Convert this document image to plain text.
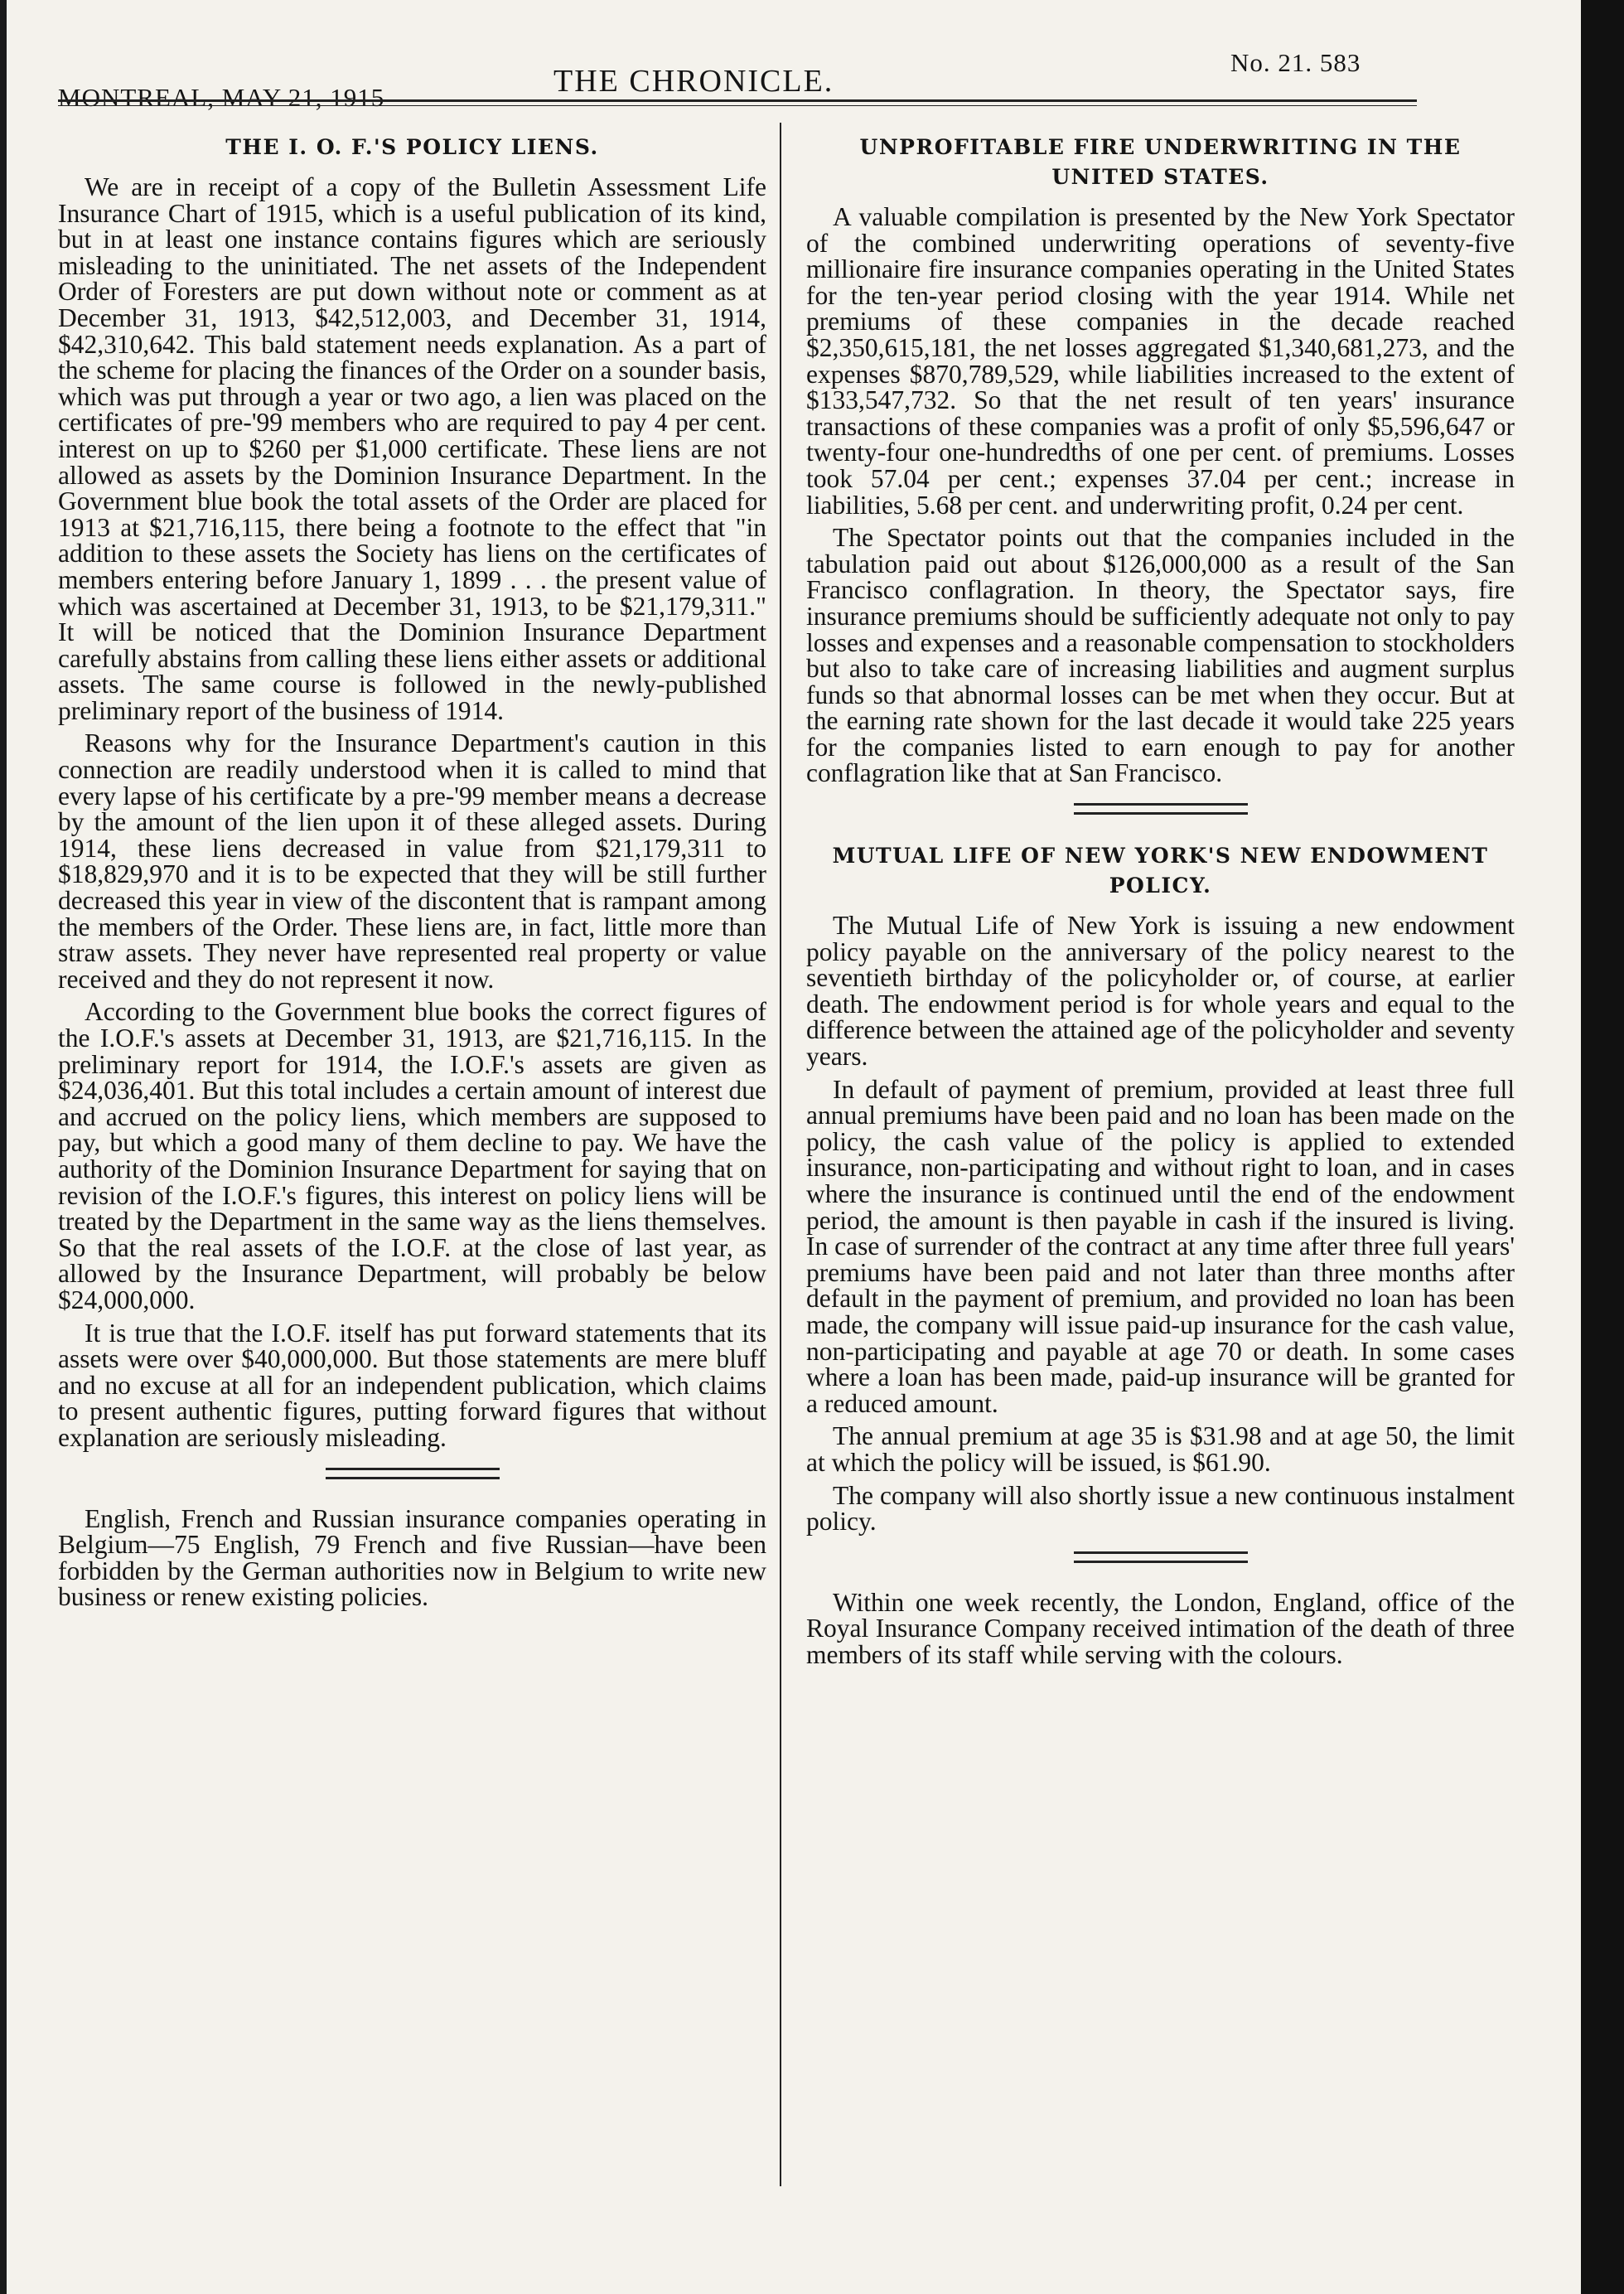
MONTREAL, MAY 21, 1915	THE CHRONICLE.
No. 21. 583
THE I. O. F.'S POLICY LIENS.

We are in receipt of a copy of the Bulletin Assessment Life Insurance Chart of 1915, which is a useful publication of its kind, but in at least one instance contains figures which are seriously misleading to the uninitiated. The net assets of the Independent Order of Foresters are put down without note or comment as at December 31, 1913, $42,512,003, and December 31, 1914, $42,310,642. This bald statement needs explanation. As a part of the scheme for placing the finances of the Order on a sounder basis, which was put through a year or two ago, a lien was placed on the certificates of pre-'99 members who are required to pay 4 per cent. interest on up to $260 per $1,000 certificate. These liens are not allowed as assets by the Dominion Insurance Department. In the Government blue book the total assets of the Order are placed for 1913 at $21,716,115, there being a footnote to the effect that "in addition to these assets the Society has liens on the certificates of members entering before January 1, 1899 . . . the present value of which was ascertained at December 31, 1913, to be $21,179,311." It will be noticed that the Dominion Insurance Department carefully abstains from calling these liens either assets or additional assets. The same course is followed in the newly-published preliminary report of the business of 1914.

Reasons why for the Insurance Department's caution in this connection are readily understood when it is called to mind that every lapse of his certificate by a pre-'99 member means a decrease by the amount of the lien upon it of these alleged assets. During 1914, these liens decreased in value from $21,179,311 to $18,829,970 and it is to be expected that they will be still further decreased this year in view of the discontent that is rampant among the members of the Order. These liens are, in fact, little more than straw assets. They never have represented real property or value received and they do not represent it now.

According to the Government blue books the correct figures of the I.O.F.'s assets at December 31, 1913, are $21,716,115. In the preliminary report for 1914, the I.O.F.'s assets are given as $24,036,401. But this total includes a certain amount of interest due and accrued on the policy liens, which members are supposed to pay, but which a good many of them decline to pay. We have the authority of the Dominion Insurance Department for saying that on revision of the I.O.F.'s figures, this interest on policy liens will be treated by the Department in the same way as the liens themselves. So that the real assets of the I.O.F. at the close of last year, as allowed by the Insurance Department, will probably be below $24,000,000.

It is true that the I.O.F. itself has put forward statements that its assets were over $40,000,000. But those statements are mere bluff and no excuse at all for an independent publication, which claims to present authentic figures, putting forward figures that without explanation are seriously misleading.

English, French and Russian insurance companies operating in Belgium—75 English, 79 French and five Russian—have been forbidden by the German authorities now in Belgium to write new business or renew existing policies.

UNPROFITABLE FIRE UNDERWRITING IN THE UNITED STATES.

A valuable compilation is presented by the New York Spectator of the combined underwriting operations of seventy-five millionaire fire insurance companies operating in the United States for the ten-year period closing with the year 1914. While net premiums of these companies in the decade reached $2,350,615,181, the net losses aggregated $1,340,681,273, and the expenses $870,789,529, while liabilities increased to the extent of $133,547,732. So that the net result of ten years' insurance transactions of these companies was a profit of only $5,596,647 or twenty-four one-hundredths of one per cent. of premiums. Losses took 57.04 per cent.; expenses 37.04 per cent.; increase in liabilities, 5.68 per cent. and underwriting profit, 0.24 per cent.

The Spectator points out that the companies included in the tabulation paid out about $126,000,000 as a result of the San Francisco conflagration. In theory, the Spectator says, fire insurance premiums should be sufficiently adequate not only to pay losses and expenses and a reasonable compensation to stockholders but also to take care of increasing liabilities and augment surplus funds so that abnormal losses can be met when they occur. But at the earning rate shown for the last decade it would take 225 years for the companies listed to earn enough to pay for another conflagration like that at San Francisco.

MUTUAL LIFE OF NEW YORK'S NEW ENDOWMENT POLICY.

The Mutual Life of New York is issuing a new endowment policy payable on the anniversary of the policy nearest to the seventieth birthday of the policyholder or, of course, at earlier death. The endowment period is for whole years and equal to the difference between the attained age of the policyholder and seventy years.

In default of payment of premium, provided at least three full annual premiums have been paid and no loan has been made on the policy, the cash value of the policy is applied to extended insurance, non-participating and without right to loan, and in cases where the insurance is continued until the end of the endowment period, the amount is then payable in cash if the insured is living. In case of surrender of the contract at any time after three full years' premiums have been paid and not later than three months after default in the payment of premium, and provided no loan has been made, the company will issue paid-up insurance for the cash value, non-participating and payable at age 70 or death. In some cases where a loan has been made, paid-up insurance will be granted for a reduced amount.

The annual premium at age 35 is $31.98 and at age 50, the limit at which the policy will be issued, is $61.90.

The company will also shortly issue a new continuous instalment policy.

Within one week recently, the London, England, office of the Royal Insurance Company received intimation of the death of three members of its staff while serving with the colours.
